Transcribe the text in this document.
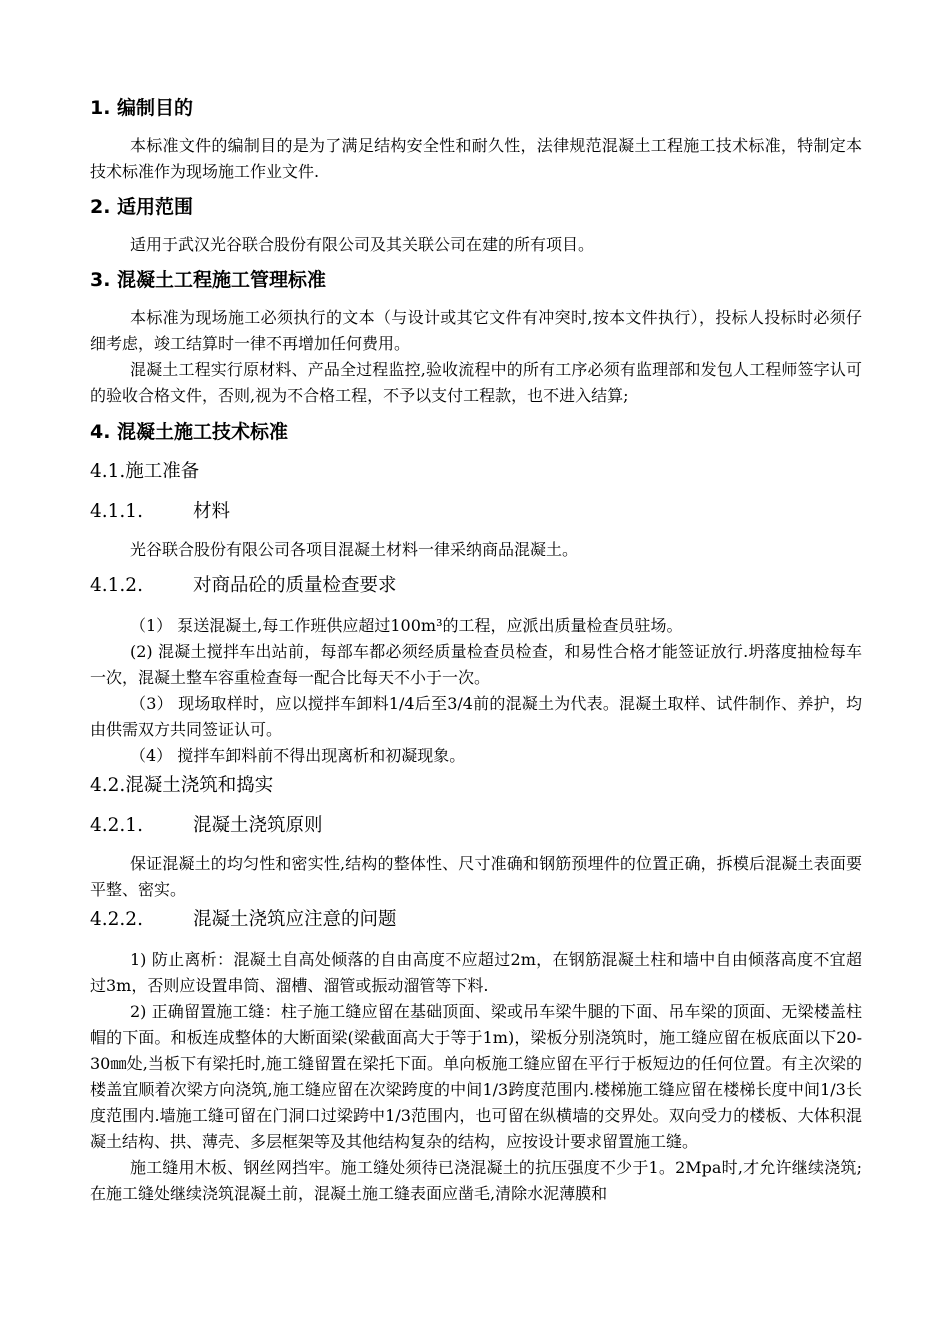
1. 编制目的

本标准文件的编制目的是为了满足结构安全性和耐久性，法律规范混凝土工程施工技术标准，特制定本技术标准作为现场施工作业文件.

2. 适用范围

适用于武汉光谷联合股份有限公司及其关联公司在建的所有项目。

3. 混凝土工程施工管理标准

本标准为现场施工必须执行的文本（与设计或其它文件有冲突时,按本文件执行），投标人投标时必须仔细考虑，竣工结算时一律不再增加任何费用。

混凝土工程实行原材料、产品全过程监控,验收流程中的所有工序必须有监理部和发包人工程师签字认可的验收合格文件，否则,视为不合格工程，不予以支付工程款，也不进入结算;

4. 混凝土施工技术标准
4.1.施工准备
4.1.1.	材料

光谷联合股份有限公司各项目混凝土材料一律采纳商品混凝土。

4.1.2.	对商品砼的质量检查要求

（1） 泵送混凝土,每工作班供应超过100m³的工程，应派出质量检查员驻场。

(2) 混凝土搅拌车出站前，每部车都必须经质量检查员检查，和易性合格才能签证放行.坍落度抽检每车一次，混凝土整车容重检查每一配合比每天不小于一次。

（3） 现场取样时，应以搅拌车卸料1/4后至3/4前的混凝土为代表。混凝土取样、试件制作、养护，均由供需双方共同签证认可。

（4） 搅拌车卸料前不得出现离析和初凝现象。

4.2.混凝土浇筑和捣实
4.2.1.	混凝土浇筑原则

保证混凝土的均匀性和密实性,结构的整体性、尺寸准确和钢筋预埋件的位置正确，拆模后混凝土表面要平整、密实。

4.2.2.	混凝土浇筑应注意的问题

1) 防止离析：混凝土自高处倾落的自由高度不应超过2m，在钢筋混凝土柱和墙中自由倾落高度不宜超过3m，否则应设置串筒、溜槽、溜管或振动溜管等下料.

2) 正确留置施工缝：柱子施工缝应留在基础顶面、梁或吊车梁牛腿的下面、吊车梁的顶面、无梁楼盖柱帽的下面。和板连成整体的大断面梁(梁截面高大于等于1m)，梁板分别浇筑时，施工缝应留在板底面以下20-30㎜处,当板下有梁托时,施工缝留置在梁托下面。单向板施工缝应留在平行于板短边的任何位置。有主次梁的楼盖宜顺着次梁方向浇筑,施工缝应留在次梁跨度的中间1/3跨度范围内.楼梯施工缝应留在楼梯长度中间1/3长度范围内.墙施工缝可留在门洞口过梁跨中1/3范围内，也可留在纵横墙的交界处。双向受力的楼板、大体积混凝土结构、拱、薄壳、多层框架等及其他结构复杂的结构，应按设计要求留置施工缝。

施工缝用木板、钢丝网挡牢。施工缝处须待已浇混凝土的抗压强度不少于1。2Mpa时,才允许继续浇筑;在施工缝处继续浇筑混凝土前，混凝土施工缝表面应凿毛,清除水泥薄膜和
